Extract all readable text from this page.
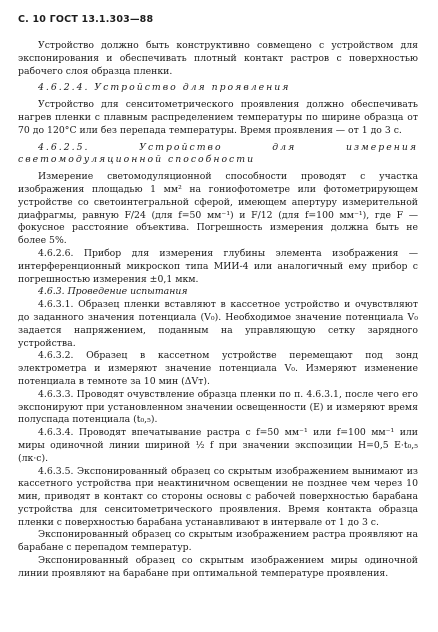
С. 10 ГОСТ 13.1.303—88

Устройство должно быть конструктивно совмещено с устройством для экспонирования и обеспечивать плотный контакт растров с поверхностью рабочего слоя образца пленки.

4.6.2.4. Устройство для проявления

Устройство для сенситометрического проявления должно обеспечивать нагрев пленки с плавным распределением температуры по ширине образца от 70 до 120°С или без перепада температуры. Время проявления — от 1 до 3 с.

4.6.2.5. Устройство для измерения светомодуляционной способности

Измерение светомодуляционной способности проводят с участка изображения площадью 1 мм² на гониофотометре или фотометрирующем устройстве со светоинтегральной сферой, имеющем апертуру измерительной диафрагмы, равную F/24 (для f=50 мм⁻¹) и F/12 (для f=100 мм⁻¹), где F — фокусное расстояние объектива. Погрешность измерения должна быть не более 5%.

4.6.2.6. Прибор для измерения глубины элемента изображения — интерференционный микроскоп типа МИИ-4 или аналогичный ему прибор с погрешностью измерения ±0,1 мкм.

4.6.3. Проведение испытания

4.6.3.1. Образец пленки вставляют в кассетное устройство и очувствляют до заданного значения потенциала (V₀). Необходимое значение потенциала V₀ задается напряжением, поданным на управляющую сетку зарядного устройства.

4.6.3.2. Образец в кассетном устройстве перемещают под зонд электрометра и измеряют значение потенциала V₀. Измеряют изменение потенциала в темноте за 10 мин (ΔVт).

4.6.3.3. Проводят очувствление образца пленки по п. 4.6.3.1, после чего его экспонируют при установленном значении освещенности (E) и измеряют время полуспада потенциала (t₀,₅).

4.6.3.4. Проводят впечатывание растра с f=50 мм⁻¹ или f=100 мм⁻¹ или миры одиночной линии шириной ½ f при значении экспозиции H=0,5 E·t₀,₅ (лк·с).

4.6.3.5. Экспонированный образец со скрытым изображением вынимают из кассетного устройства при неактиничном освещении не позднее чем через 10 мин, приводят в контакт со стороны основы с рабочей поверхностью барабана устройства для сенситометрического проявления. Время контакта образца пленки с поверхностью барабана устанавливают в интервале от 1 до 3 с.

Экспонированный образец со скрытым изображением растра проявляют на барабане с перепадом температур.

Экспонированный образец со скрытым изображением миры одиночной линии проявляют на барабане при оптимальной температуре проявления.
